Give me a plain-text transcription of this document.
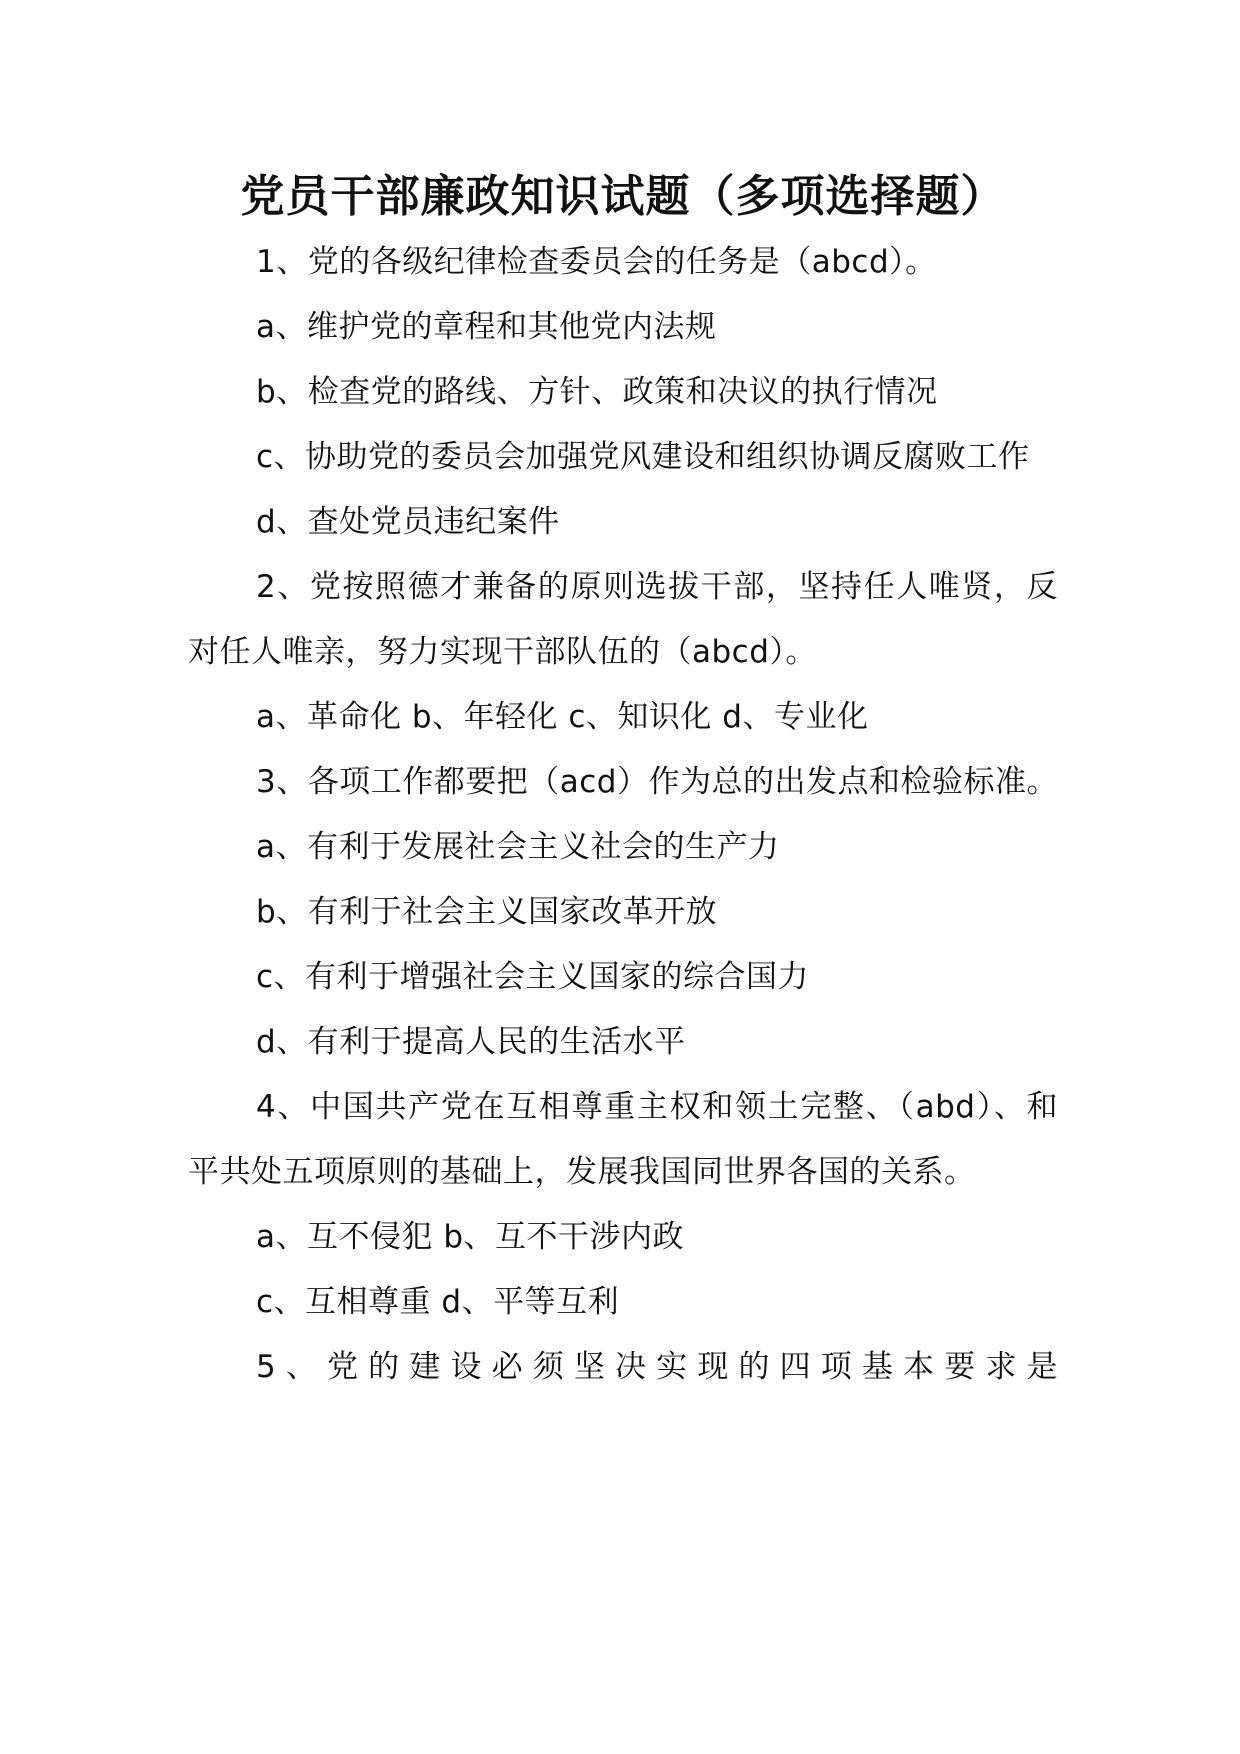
党员干部廉政知识试题（多项选择题）

1、党的各级纪律检查委员会的任务是（abcd）。

a、维护党的章程和其他党内法规

b、检查党的路线、方针、政策和决议的执行情况

c、协助党的委员会加强党风建设和组织协调反腐败工作

d、查处党员违纪案件

2、党按照德才兼备的原则选拔干部，坚持任人唯贤，反对任人唯亲，努力实现干部队伍的（abcd）。

a、革命化 b、年轻化 c、知识化 d、专业化

3、各项工作都要把（acd）作为总的出发点和检验标准。

a、有利于发展社会主义社会的生产力

b、有利于社会主义国家改革开放

c、有利于增强社会主义国家的综合国力

d、有利于提高人民的生活水平

4、中国共产党在互相尊重主权和领土完整、（abd）、和平共处五项原则的基础上，发展我国同世界各国的关系。

a、互不侵犯 b、互不干涉内政

c、互相尊重 d、平等互利

5、党的建设必须坚决实现的四项基本要求是
